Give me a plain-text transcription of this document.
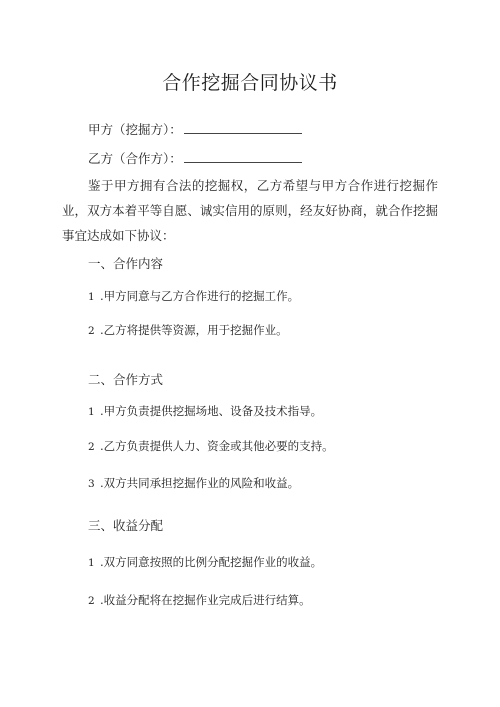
合作挖掘合同协议书
甲方（挖掘方）：
乙方（合作方）：
鉴于甲方拥有合法的挖掘权，乙方希望与甲方合作进行挖掘作业，双方本着平等自愿、诚实信用的原则，经友好协商，就合作挖掘事宜达成如下协议：
一、合作内容
1 .甲方同意与乙方合作进行的挖掘工作。
2 .乙方将提供等资源，用于挖掘作业。
二、合作方式
1 .甲方负责提供挖掘场地、设备及技术指导。
2 .乙方负责提供人力、资金或其他必要的支持。
3 .双方共同承担挖掘作业的风险和收益。
三、收益分配
1 .双方同意按照的比例分配挖掘作业的收益。
2 .收益分配将在挖掘作业完成后进行结算。
